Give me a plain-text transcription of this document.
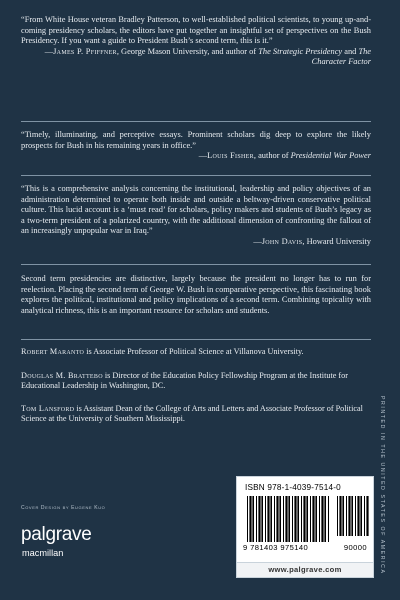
“From White House veteran Bradley Patterson, to well-established political scientists, to young up-and-coming presidency scholars, the editors have put together an insightful set of perspectives on the Bush Presidency. If you want a guide to President Bush’s second term, this is it.”
—James P. Pfiffner, George Mason University, and author of The Strategic Presidency and The Character Factor
“Timely, illuminating, and perceptive essays. Prominent scholars dig deep to explore the likely prospects for Bush in his remaining years in office.”
—Louis Fisher, author of Presidential War Power
“This is a comprehensive analysis concerning the institutional, leadership and policy objectives of an administration determined to operate both inside and outside a beltway-driven conservative political culture. This lucid account is a ‘must read’ for scholars, policy makers and students of Bush’s legacy as a two-term president of a polarized country, with the additional dimension of confronting the fallout of an increasingly unpopular war in Iraq.”
—John Davis, Howard University
Second term presidencies are distinctive, largely because the president no longer has to run for reelection. Placing the second term of George W. Bush in comparative perspective, this fascinating book explores the political, institutional and policy implications of a second term. Combining topicality with analytical richness, this is an important resource for scholars and students.
Robert Maranto is Associate Professor of Political Science at Villanova University.
Douglas M. Brattebo is Director of the Education Policy Fellowship Program at the Institute for Educational Leadership in Washington, DC.
Tom Lansford is Assistant Dean of the College of Arts and Letters and Associate Professor of Political Science at the University of Southern Mississippi.	PRINTED IN THE UNITED STATES OF AMERICA
Cover Design by Eugene Kuo
palgrave
macmillan
ISBN 978-1-4039-7514-0
9 781403 975140	90000
www.palgrave.com
